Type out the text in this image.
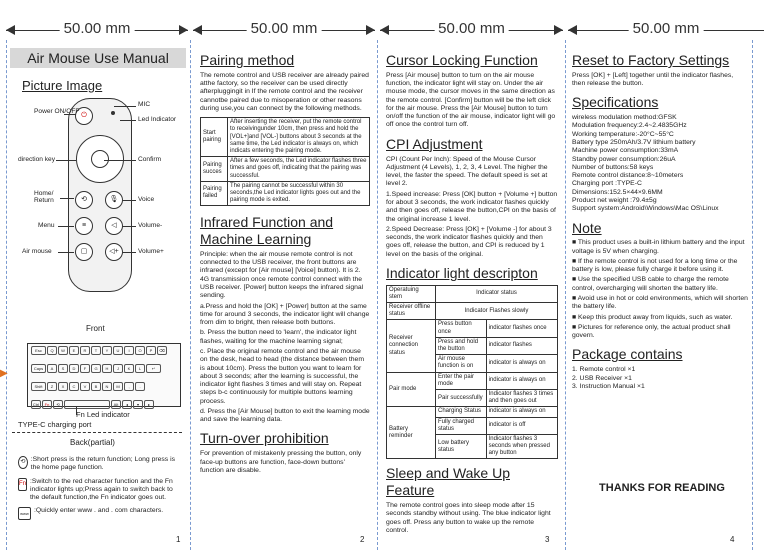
50.00 mm	50.00 mm	50.00 mm	50.00 mm
▶
Air Mouse Use Manual
Picture Image
⏻
⟲	🎙
≡	◁
▢	◁+
Power ON/OFF
MIC
Led Indicator
direction key	Confirm
Home/ Return	Voice
Menu	Volume-
Air mouse	Volume+
Front
Esc Q W E R T Y U I O P ⌫
Caps A S D F G H J K L	↵
Shift Z X C V B N M , .
Ctrl Fn ⟲	Alt ◂ ▾ ▸
Fn Led indicator
TYPE-C charging port
Back(partial)
⟲ :Short press is the return function; Long press is the home page function.
Fn :Switch to the red character function and the Fn indicator lights up;Press again to switch back to the default function,the Fn indicator goes out.
www :Quickly enter www . and . com characters.
1
Pairing method
The remote control and USB receiver are already paired atthe factory, so the receiver can be used directly afterpluggingit in If the remote control and the receiver cannotbe paired due to misoperation or other reasons during use,you can connect by the following methods.
Start pairing	After inserting the receiver, put the remote control to receivingunder 10cm, then press and hold the [VOL+]and [VOL-] buttons about 3 seconds at the same time, the Led indicator is always on, which indicats entering the pairing mode.
Pairing succes	After a few seconds, the Led indicator flashes three times and goes off, indicating that the pairing was successful.
Pairing failed	The pairing cannot be successful within 30 seconds,the Led indicator lights goes out and the pairing mode is exited.
Infrared Function and Machine Learning
Principle: when the air mouse remote control is not connected to the USB receiver, the front buttons are infrared (except for [Air mouse] [Voice] button). It is 2. 4G transmission once remote control connect with the USB receiver. [Power] button keeps the infrared signal sending.
a.Press and hold the [OK] + [Power] button at the same time for around 3 seconds, the indicator light will change from dim to bright, then release both buttons.
b. Press the button need to 'learn', the indicator light flashes, waiting for the machine learning signal;
c. Place the original remote control and the air mouse on the desk, head to head (the distance between them is about 10cm). Press the button you want to learn for about 3 seconds; after the learning is successful, the indicator light flashes 3 times and will stay on. Repeat steps b-c continuously for multiple buttons learning process.
d. Press the [Air Mouse] button to exit the learning mode and save the learning data.
Turn-over prohibition
For prevention of mistakenly pressing the button, only face-up buttons are function, face-down buttons' function are disable.
2
Cursor Locking Function
Press [Air mouse] button to turn on the air mouse function, the indicator light will stay on. Under the air mouse mode, the cursor moves in the same direction as the remote control. [Confirm] button will be the left click for the air mouse. Press the [Air Mouse] button to turn on/off the function of the air mouse, indicator light will go off once the control turn off.
CPI Adjustment
CPI (Count Per Inch): Speed of the Mouse Cursor Adjustment (4 Levels), 1, 2, 3, 4 Level. The higher the level, the faster the speed. The default speed is set at level 2.
1.Speed increase: Press [OK] button + [Volume +] button for about 3 seconds, the work indicator flashes quickly and then goes off, release the button,CPI on the basis of the original increase 1 level.
2.Speed Decrease: Press [OK] + [Volume -] for about 3 seconds, the work indicator flashes quickly and then goes off, release the button, and CPI is reduced by 1 level on the basis of the original.
Indicator light descripton
Operatuing stem	Indicator status	
Receiver offline status	Indicator Flashes slowly	
Receiver connection status	Press button once	indicator flashes once
	Press and hold the button	indicator flashes
	Air mouse function is on	indicator is always on
Pair mode	Enter the pair mode	indicator is always on
	Pair successfully	Indicator flashes 3 times and then goes out
Battery reminder	Charging Status	indicator is always on
	Fully charged status	indicator is off
	Low battery status	Indicator flashes 3 seconds when pressed any button
Sleep and Wake Up Feature
The remote control goes into sleep mode after 15 seconds standby without using. The blue indicator light goes off. Press any button to wake up the remote control.
3
Reset to Factory Settings
Press [OK] + [Left] together until the indicator flashes, then release the button.
Specifications
wireless modulation method:GFSK
Modulation frequency:2.4~2.4835GHz
Working temperature:-20°C~55°C
Battery type 250mAh/3.7V lithium battery
Machine power consumption:33mA
Standby power consumption:26uA
Number of buttons:58 keys
Remote control distance:8~10meters
Charging port :TYPE-C
Dimensions:152.5×44×9.6MM
Product net weight :79.4±5g
Support system:Android\Windows\Mac OS\Linux
Note
■ This product uses a built-in lithium battery and the input voltage is 5V when charging.
■ If the remote control is not used for a long time or the battery is low, please fully charge it before using it.
■ Use the specified USB cable to charge the remote control, overcharging will shorten the battery life.
■ Avoid use in hot or cold environments, which will shorten the battery life.
■ Keep this product away from liquids, such as water.
■ Pictures for reference only, the actual product shall govern.
Package contains
1. Remote control ×1
2. USB Receiver ×1
3. Instruction Manual ×1
THANKS FOR READING
4
